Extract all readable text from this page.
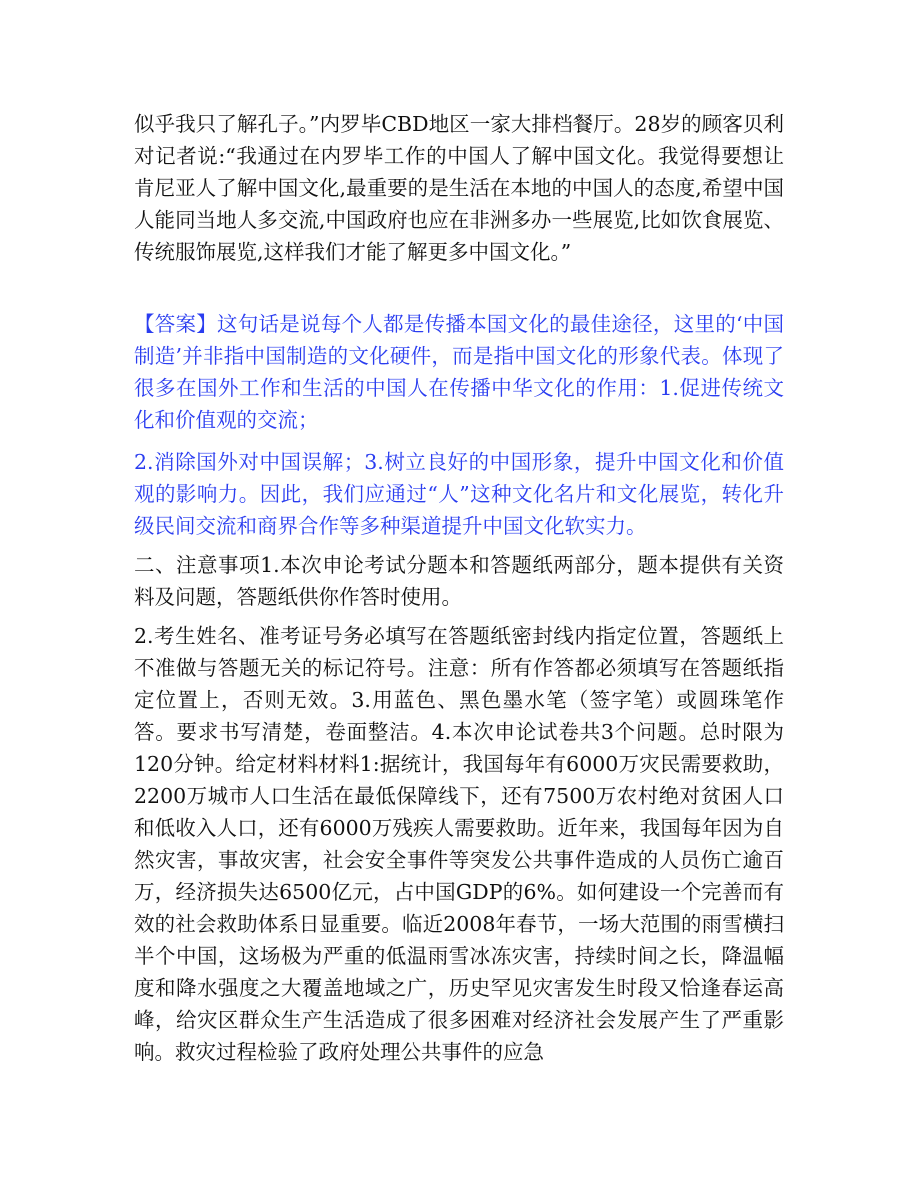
似乎我只了解孔子。”内罗毕CBD地区一家大排档餐厅。28岁的顾客贝利对记者说:“我通过在内罗毕工作的中国人了解中国文化。我觉得要想让肯尼亚人了解中国文化,最重要的是生活在本地的中国人的态度,希望中国人能同当地人多交流,中国政府也应在非洲多办一些展览,比如饮食展览、传统服饰展览,这样我们才能了解更多中国文化。”

【答案】这句话是说每个人都是传播本国文化的最佳途径，这里的‘中国制造’并非指中国制造的文化硬件，而是指中国文化的形象代表。体现了很多在国外工作和生活的中国人在传播中华文化的作用：1.促进传统文化和价值观的交流；

2.消除国外对中国误解；3.树立良好的中国形象，提升中国文化和价值观的影响力。因此，我们应通过“人”这种文化名片和文化展览，转化升级民间交流和商界合作等多种渠道提升中国文化软实力。

二、注意事项1.本次申论考试分题本和答题纸两部分，题本提供有关资料及问题，答题纸供你作答时使用。

2.考生姓名、准考证号务必填写在答题纸密封线内指定位置，答题纸上不准做与答题无关的标记符号。注意：所有作答都必须填写在答题纸指定位置上，否则无效。3.用蓝色、黑色墨水笔（签字笔）或圆珠笔作答。要求书写清楚，卷面整洁。4.本次申论试卷共3个问题。总时限为120分钟。给定材料材料1:据统计，我国每年有6000万灾民需要救助，2200万城市人口生活在最低保障线下，还有7500万农村绝对贫困人口和低收入人口，还有6000万残疾人需要救助。近年来，我国每年因为自然灾害，事故灾害，社会安全事件等突发公共事件造成的人员伤亡逾百万，经济损失达6500亿元，占中国GDP的6%。如何建设一个完善而有效的社会救助体系日显重要。临近2008年春节，一场大范围的雨雪横扫半个中国，这场极为严重的低温雨雪冰冻灾害，持续时间之长，降温幅度和降水强度之大覆盖地域之广，历史罕见灾害发生时段又恰逢春运高峰，给灾区群众生产生活造成了很多困难对经济社会发展产生了严重影响。救灾过程检验了政府处理公共事件的应急
